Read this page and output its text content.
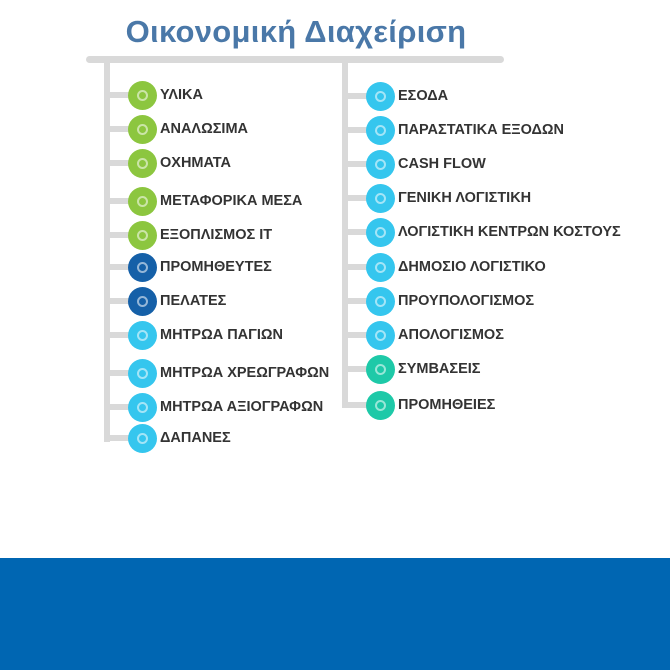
Οικονομική Διαχείριση
ΥΛΙΚΑ
ΑΝΑΛΩΣΙΜΑ
ΟΧΗΜΑΤΑ
ΜΕΤΑΦΟΡΙΚΑ ΜΕΣΑ
ΕΞΟΠΛΙΣΜΟΣ IT
ΠΡΟΜΗΘΕΥΤΕΣ
ΠΕΛΑΤΕΣ
ΜΗΤΡΩΑ ΠΑΓΙΩΝ
ΜΗΤΡΩΑ ΧΡΕΩΓΡΑΦΩΝ
ΜΗΤΡΩΑ ΑΞΙΟΓΡΑΦΩΝ
ΔΑΠΑΝΕΣ
ΕΣΟΔΑ
ΠΑΡΑΣΤΑΤΙΚΑ ΕΞΟΔΩΝ
CASH FLOW
ΓΕΝΙΚΗ ΛΟΓΙΣΤΙΚΗ
ΛΟΓΙΣΤΙΚΗ ΚΕΝΤΡΩΝ ΚΟΣΤΟΥΣ
ΔΗΜΟΣΙΟ ΛΟΓΙΣΤΙΚΟ
ΠΡΟΥΠΟΛΟΓΙΣΜΟΣ
ΑΠΟΛΟΓΙΣΜΟΣ
ΣΥΜΒΑΣΕΙΣ
ΠΡΟΜΗΘΕΙΕΣ
